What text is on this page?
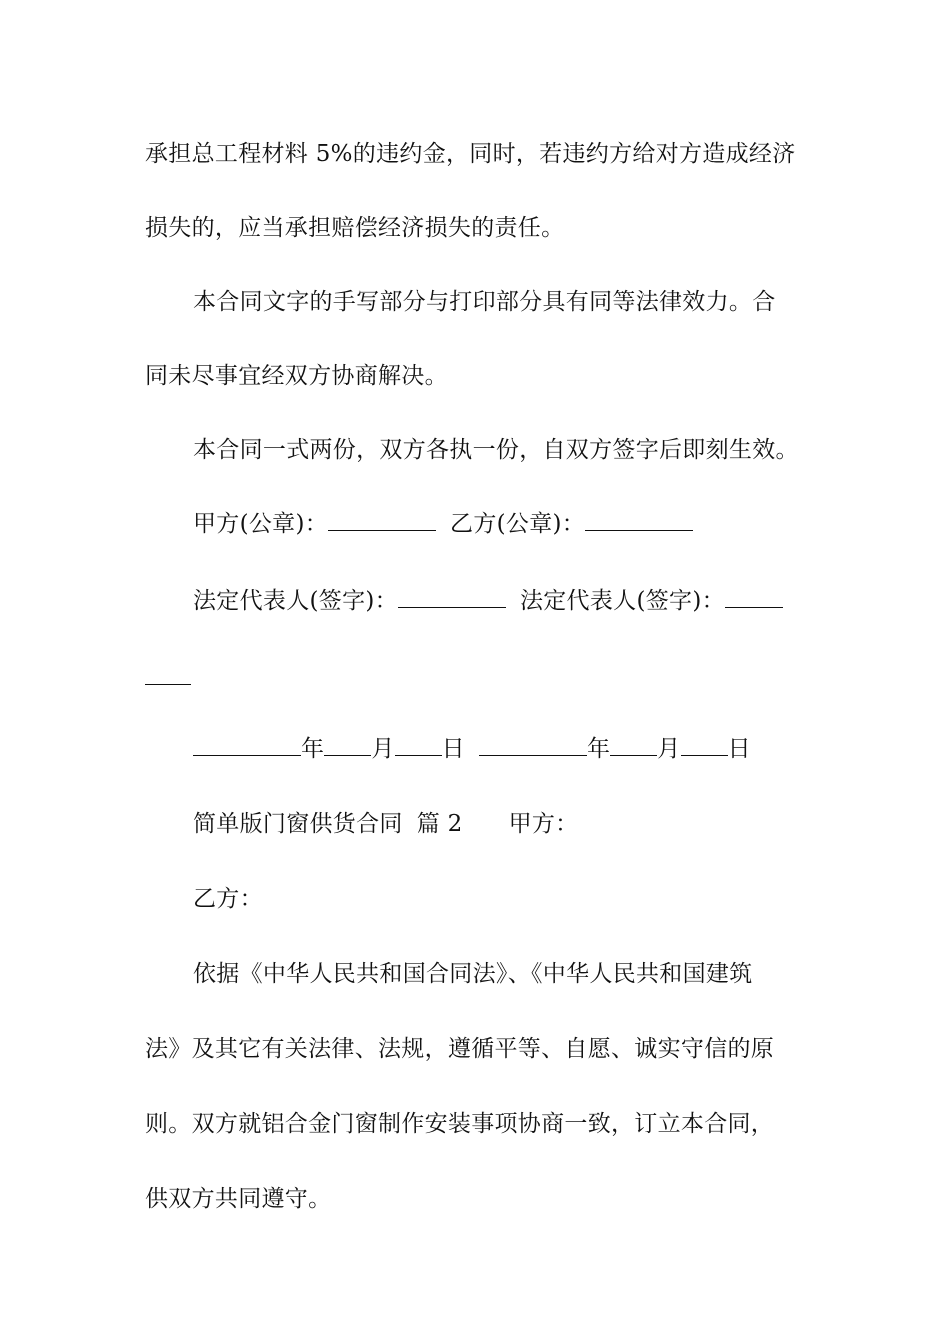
承担总工程材料 5%的违约金，同时，若违约方给对方造成经济
损失的，应当承担赔偿经济损失的责任。
本合同文字的手写部分与打印部分具有同等法律效力。合
同未尽事宜经双方协商解决。
本合同一式两份，双方各执一份，自双方签字后即刻生效。
甲方(公章)：	乙方(公章)：
法定代表人(签字)：	法定代表人(签字)：
年 月 日	年 月 日
简单版门窗供货合同 篇 2 甲方：
乙方：
依据《中华人民共和国合同法》、《中华人民共和国建筑
法》及其它有关法律、法规，遵循平等、自愿、诚实守信的原
则。双方就铝合金门窗制作安装事项协商一致，订立本合同，
供双方共同遵守。
